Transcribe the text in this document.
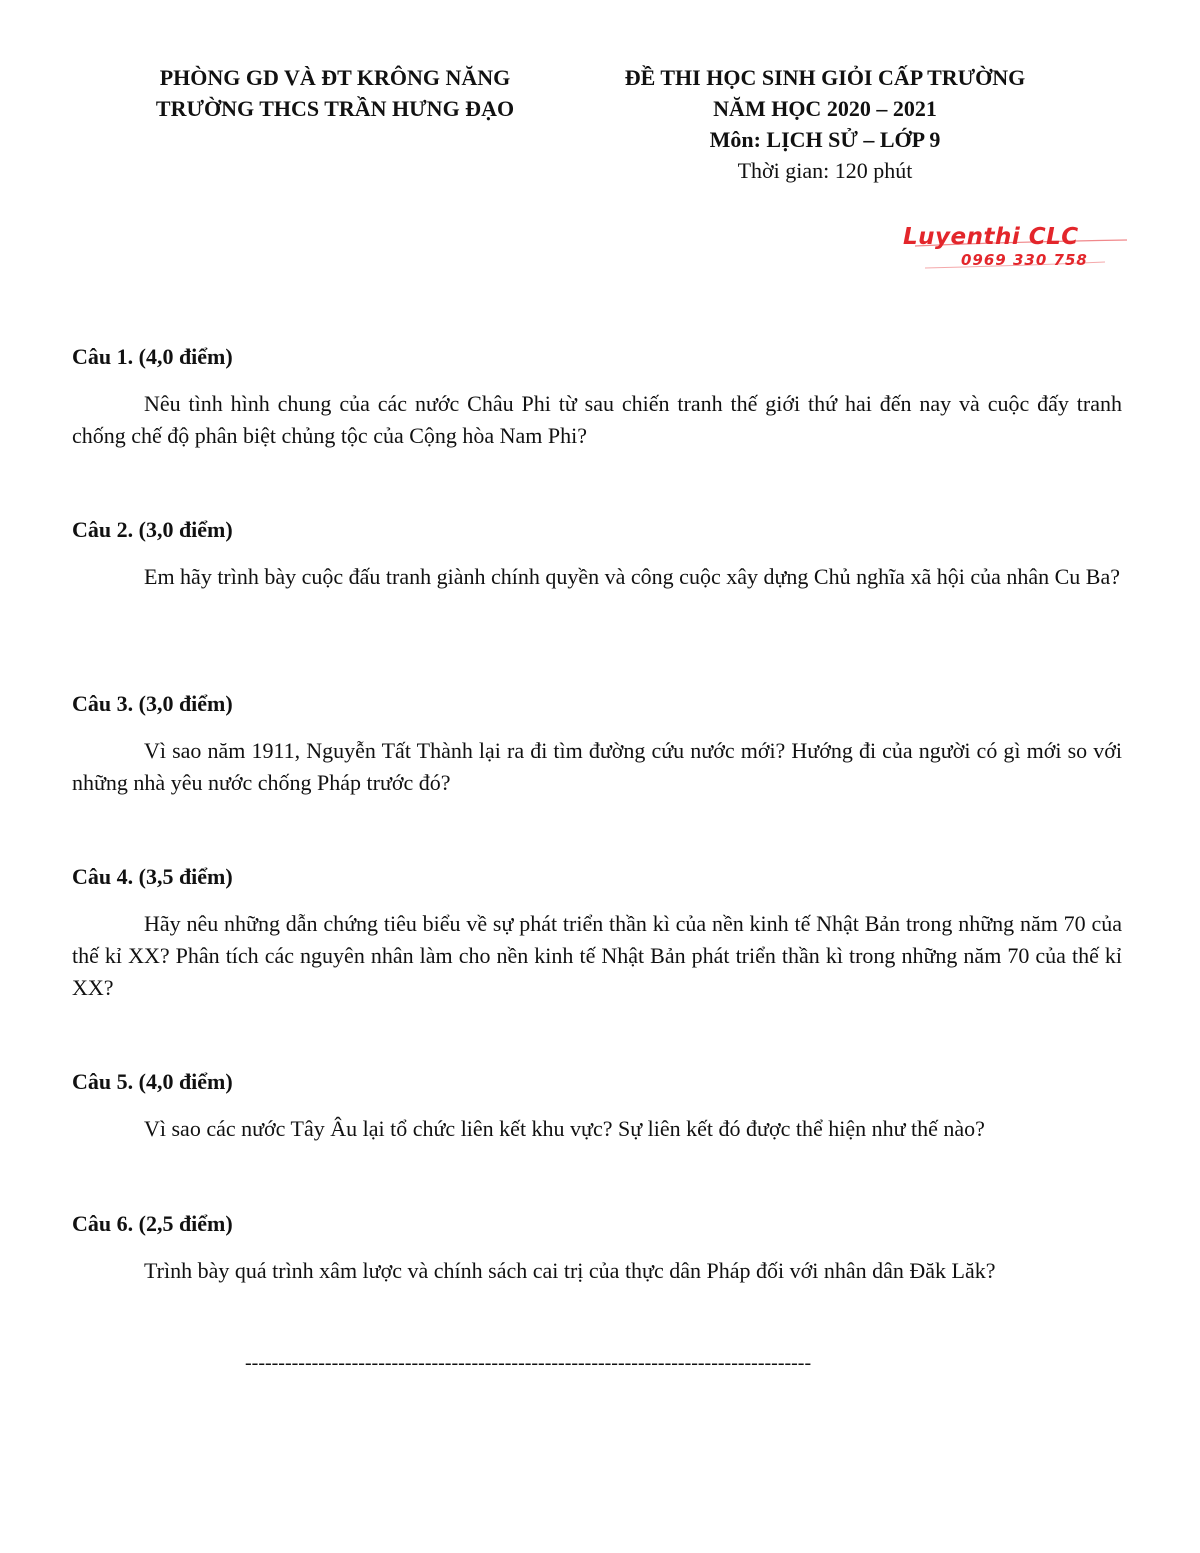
PHÒNG GD VÀ ĐT KRÔNG NĂNG
TRƯỜNG THCS TRẦN HƯNG ĐẠO
ĐỀ THI HỌC SINH GIỎI CẤP TRƯỜNG
NĂM HỌC 2020 – 2021
Môn: LỊCH SỬ – LỚP 9
Thời gian: 120 phút
Luyenthi CLC
0969 330 758
Câu 1. (4,0 điểm)
Nêu tình hình chung của các nước Châu Phi từ sau chiến tranh thế giới thứ hai đến nay và cuộc đấy tranh chống chế độ phân biệt chủng tộc của Cộng hòa Nam Phi?
Câu 2. (3,0 điểm)
Em hãy trình bày cuộc đấu tranh giành chính quyền và công cuộc xây dựng Chủ nghĩa xã hội của nhân Cu Ba?
Câu 3. (3,0 điểm)
Vì sao năm 1911, Nguyễn Tất Thành lại ra đi tìm đường cứu nước mới? Hướng đi của người có gì mới so với những nhà yêu nước chống Pháp trước đó?
Câu 4. (3,5 điểm)
Hãy nêu những dẫn chứng tiêu biểu về sự phát triển thần kì của nền kinh tế Nhật Bản trong những năm 70 của thế kỉ XX? Phân tích các nguyên nhân làm cho nền kinh tế Nhật Bản phát triển thần kì trong những năm 70 của thế kỉ XX?
Câu 5. (4,0 điểm)
Vì sao các nước Tây Âu lại tổ chức liên kết khu vực? Sự liên kết đó được thể hiện như thế nào?
Câu 6. (2,5 điểm)
Trình bày quá trình xâm lược và chính sách cai trị của thực dân Pháp đối với nhân dân Đăk Lăk?
-------------------------------------------------------------------------------------
